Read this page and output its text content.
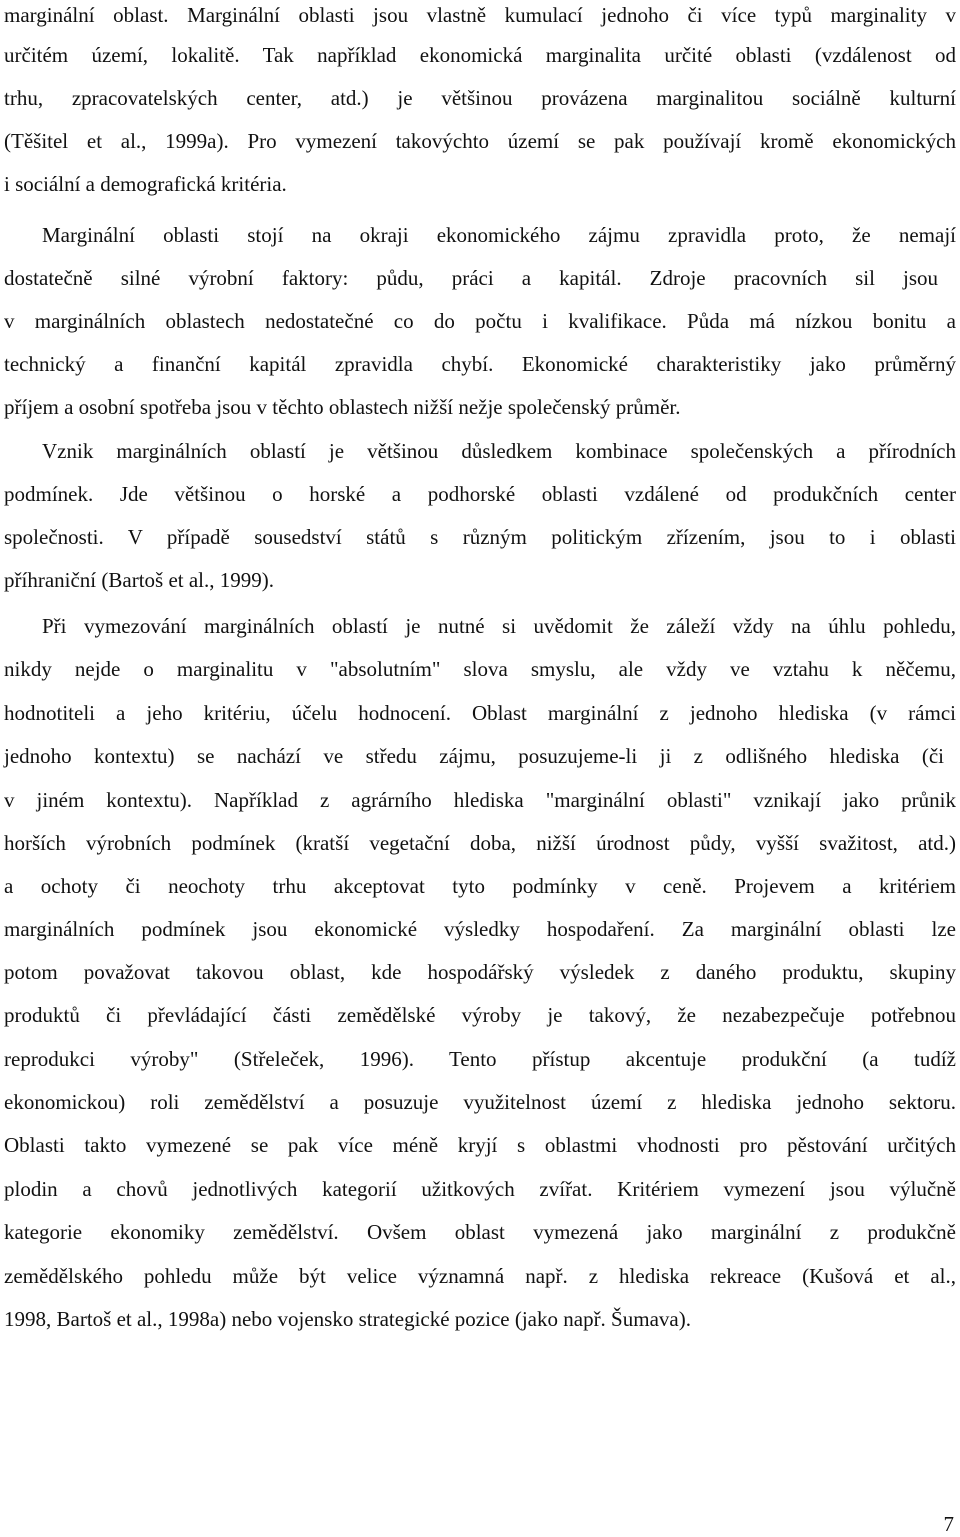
marginální oblast. Marginální oblasti jsou vlastně kumulací jednoho či více typů marginality v
určitém území, lokalitě. Tak například ekonomická marginalita určité oblasti (vzdálenost od
trhu, zpracovatelských center, atd.) je většinou provázena marginalitou sociálně kulturní
(Těšitel et al., 1999a). Pro vymezení takovýchto území se pak používají kromě ekonomických
i sociální a demografická kritéria.
Marginální oblasti stojí na okraji ekonomického zájmu zpravidla proto, že nemají
dostatečně silné výrobní faktory: půdu, práci a kapitál. Zdroje pracovních sil jsou
v marginálních oblastech nedostatečné co do počtu i kvalifikace. Půda má nízkou bonitu a
technický a finanční kapitál zpravidla chybí. Ekonomické charakteristiky jako průměrný
příjem a osobní spotřeba jsou v těchto oblastech nižší nežje společenský průměr.
Vznik marginálních oblastí je většinou důsledkem kombinace společenských a přírodních
podmínek. Jde většinou o horské a podhorské oblasti vzdálené od produkčních center
společnosti. V případě sousedství států s různým politickým zřízením, jsou to i oblasti
příhraniční (Bartoš et al., 1999).
Při vymezování marginálních oblastí je nutné si uvědomit že záleží vždy na úhlu pohledu,
nikdy nejde o marginalitu v "absolutním" slova smyslu, ale vždy ve vztahu k něčemu,
hodnotiteli a jeho kritériu, účelu hodnocení. Oblast marginální z jednoho hlediska (v rámci
jednoho kontextu) se nachází ve středu zájmu, posuzujeme-li ji z odlišného hlediska (či
v jiném kontextu). Například z agrárního hlediska "marginální oblasti" vznikají jako průnik
horších výrobních podmínek (kratší vegetační doba, nižší úrodnost půdy, vyšší svažitost, atd.)
a ochoty či neochoty trhu akceptovat tyto podmínky v ceně. Projevem a kritériem
marginálních podmínek jsou ekonomické výsledky hospodaření. Za marginální oblasti lze
potom považovat takovou oblast, kde hospodářský výsledek z daného produktu, skupiny
produktů či převládající části zemědělské výroby je takový, že nezabezpečuje potřebnou
reprodukci výroby" (Střeleček, 1996). Tento přístup akcentuje produkční (a tudíž
ekonomickou) roli zemědělství a posuzuje využitelnost území z hlediska jednoho sektoru.
Oblasti takto vymezené se pak více méně kryjí s oblastmi vhodnosti pro pěstování určitých
plodin a chovů jednotlivých kategorií užitkových zvířat. Kritériem vymezení jsou výlučně
kategorie ekonomiky zemědělství. Ovšem oblast vymezená jako marginální z produkčně
zemědělského pohledu může být velice významná např. z hlediska rekreace (Kušová et al.,
1998, Bartoš et al., 1998a) nebo vojensko strategické pozice (jako např. Šumava).
7
